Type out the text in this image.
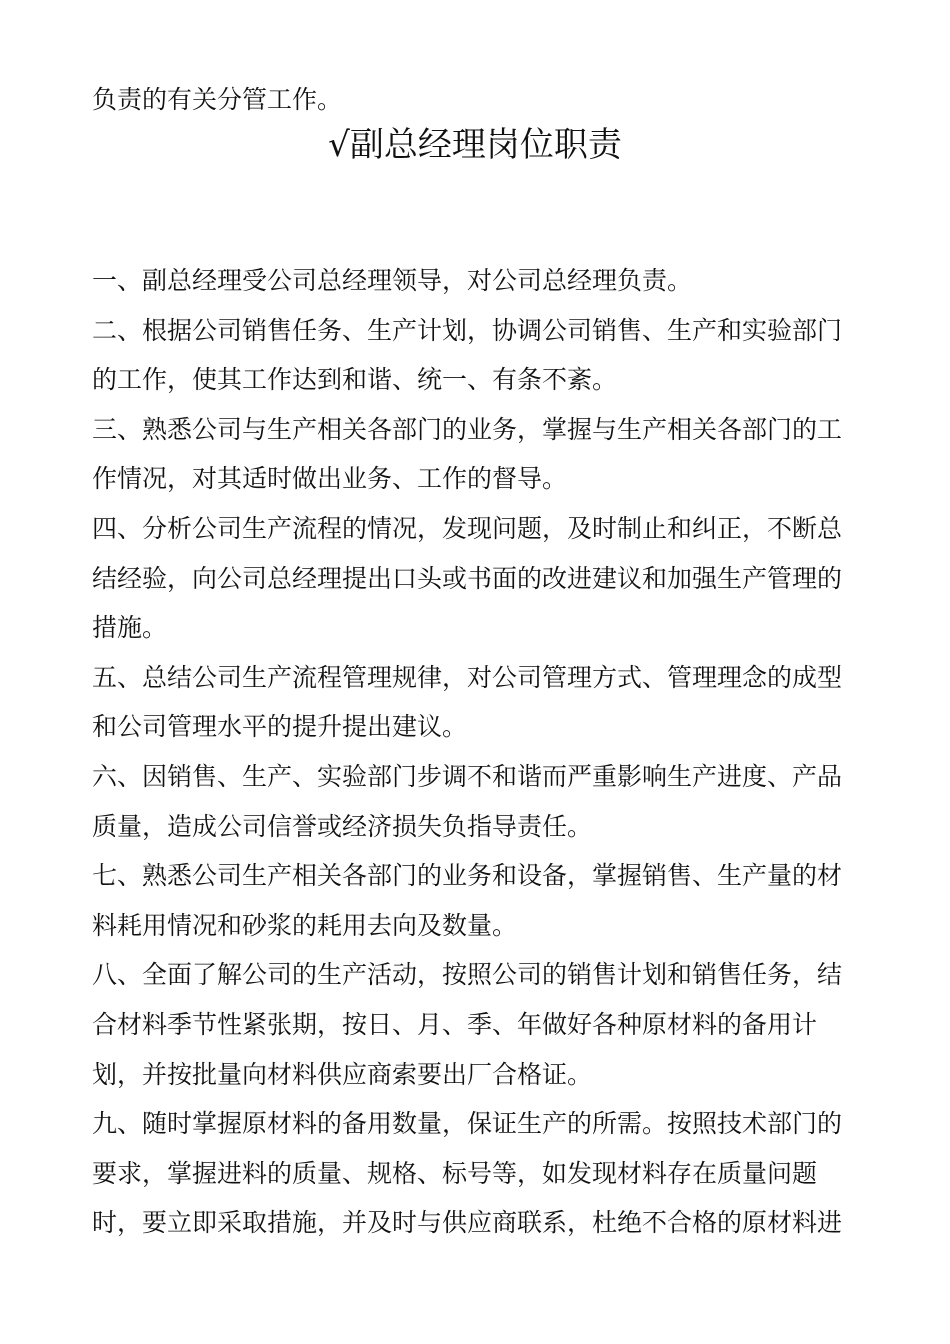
负责的有关分管工作。
√副总经理岗位职责
一、副总经理受公司总经理领导，对公司总经理负责。
二、根据公司销售任务、生产计划，协调公司销售、生产和实验部门
的工作，使其工作达到和谐、统一、有条不紊。
三、熟悉公司与生产相关各部门的业务，掌握与生产相关各部门的工
作情况，对其适时做出业务、工作的督导。
四、分析公司生产流程的情况，发现问题，及时制止和纠正，不断总
结经验，向公司总经理提出口头或书面的改进建议和加强生产管理的
措施。
五、总结公司生产流程管理规律，对公司管理方式、管理理念的成型
和公司管理水平的提升提出建议。
六、因销售、生产、实验部门步调不和谐而严重影响生产进度、产品
质量，造成公司信誉或经济损失负指导责任。
七、熟悉公司生产相关各部门的业务和设备，掌握销售、生产量的材
料耗用情况和砂浆的耗用去向及数量。
八、全面了解公司的生产活动，按照公司的销售计划和销售任务，结
合材料季节性紧张期，按日、月、季、年做好各种原材料的备用计
划，并按批量向材料供应商索要出厂合格证。
九、随时掌握原材料的备用数量，保证生产的所需。按照技术部门的
要求，掌握进料的质量、规格、标号等，如发现材料存在质量问题
时，要立即采取措施，并及时与供应商联系，杜绝不合格的原材料进
